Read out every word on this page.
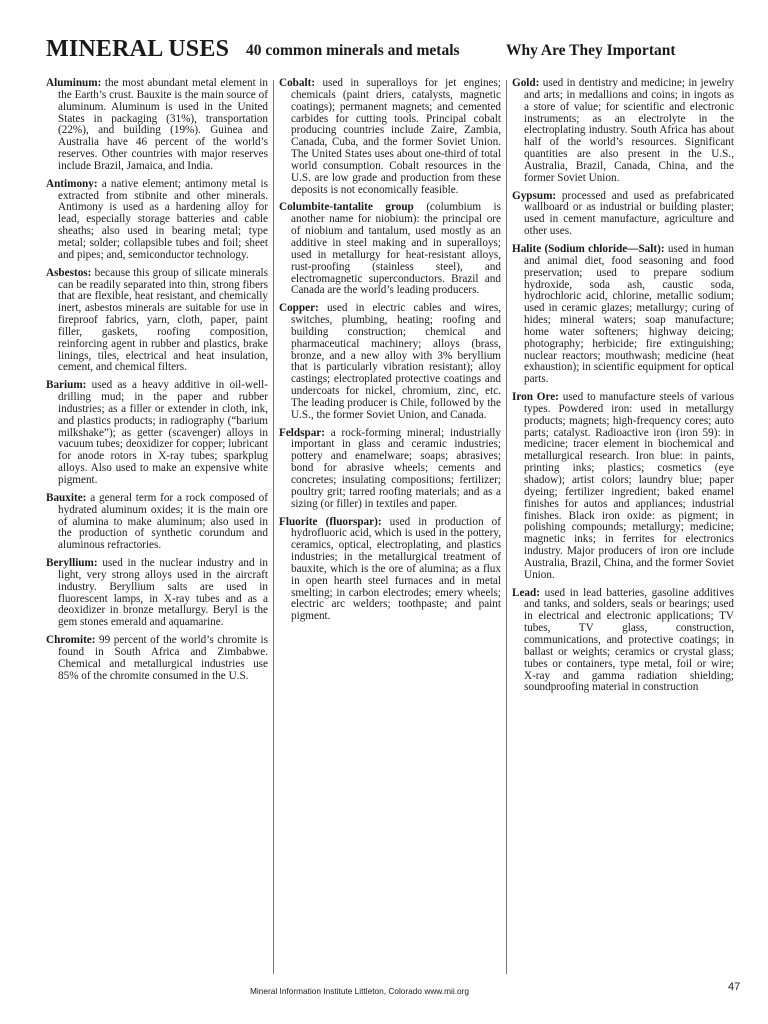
MINERAL USES 40 common minerals and metals	Why Are They Important

Aluminum: the most abundant metal element in the Earth’s crust. Bauxite is the main source of aluminum. Aluminum is used in the United States in packaging (31%), transportation (22%), and building (19%). Guinea and Australia have 46 percent of the world’s reserves. Other countries with major reserves include Brazil, Jamaica, and India.

Antimony: a native element; antimony metal is extracted from stibnite and other minerals. Antimony is used as a hardening alloy for lead, especially storage batteries and cable sheaths; also used in bearing metal; type metal; solder; collapsible tubes and foil; sheet and pipes; and, semiconductor technology.

Asbestos: because this group of silicate minerals can be readily separated into thin, strong fibers that are flexible, heat resistant, and chemically inert, asbestos minerals are suitable for use in fireproof fabrics, yarn, cloth, paper, paint filler, gaskets, roofing composition, reinforcing agent in rubber and plastics, brake linings, tiles, electrical and heat insulation, cement, and chemical filters.

Barium: used as a heavy additive in oil-well-drilling mud; in the paper and rubber industries; as a filler or extender in cloth, ink, and plastics products; in radiography (“barium milkshake”); as getter (scavenger) alloys in vacuum tubes; deoxidizer for copper; lubricant for anode rotors in X-ray tubes; sparkplug alloys. Also used to make an expensive white pigment.

Bauxite: a general term for a rock composed of hydrated aluminum oxides; it is the main ore of alumina to make aluminum; also used in the production of synthetic corundum and aluminous refractories.

Beryllium: used in the nuclear industry and in light, very strong alloys used in the aircraft industry. Beryllium salts are used in fluorescent lamps, in X-ray tubes and as a deoxidizer in bronze metallurgy. Beryl is the gem stones emerald and aquamarine.

Chromite: 99 percent of the world’s chromite is found in South Africa and Zimbabwe. Chemical and metallurgical industries use 85% of the chromite consumed in the U.S.

Cobalt: used in superalloys for jet engines; chemicals (paint driers, catalysts, magnetic coatings); permanent magnets; and cemented carbides for cutting tools. Principal cobalt producing countries include Zaire, Zambia, Canada, Cuba, and the former Soviet Union. The United States uses about one-third of total world consumption. Cobalt resources in the U.S. are low grade and production from these deposits is not economically feasible.

Columbite-tantalite group (columbium is another name for niobium): the principal ore of niobium and tantalum, used mostly as an additive in steel making and in superalloys; used in metallurgy for heat-resistant alloys, rust-proofing (stainless steel), and electromagnetic superconductors. Brazil and Canada are the world’s leading producers.

Copper: used in electric cables and wires, switches, plumbing, heating; roofing and building construction; chemical and pharmaceutical machinery; alloys (brass, bronze, and a new alloy with 3% beryllium that is particularly vibration resistant); alloy castings; electroplated protective coatings and undercoats for nickel, chromium, zinc, etc. The leading producer is Chile, followed by the U.S., the former Soviet Union, and Canada.

Feldspar: a rock-forming mineral; industrially important in glass and ceramic industries; pottery and enamelware; soaps; abrasives; bond for abrasive wheels; cements and concretes; insulating compositions; fertilizer; poultry grit; tarred roofing materials; and as a sizing (or filler) in textiles and paper.

Fluorite (fluorspar): used in production of hydrofluoric acid, which is used in the pottery, ceramics, optical, electroplating, and plastics industries; in the metallurgical treatment of bauxite, which is the ore of alumina; as a flux in open hearth steel furnaces and in metal smelting; in carbon electrodes; emery wheels; electric arc welders; toothpaste; and paint pigment.

Gold: used in dentistry and medicine; in jewelry and arts; in medallions and coins; in ingots as a store of value; for scientific and electronic instruments; as an electrolyte in the electroplating industry. South Africa has about half of the world’s resources. Significant quantities are also present in the U.S., Australia, Brazil, Canada, China, and the former Soviet Union.

Gypsum: processed and used as prefabricated wallboard or as industrial or building plaster; used in cement manufacture, agriculture and other uses.

Halite (Sodium chloride—Salt): used in human and animal diet, food seasoning and food preservation; used to prepare sodium hydroxide, soda ash, caustic soda, hydrochloric acid, chlorine, metallic sodium; used in ceramic glazes; metallurgy; curing of hides; mineral waters; soap manufacture; home water softeners; highway deicing; photography; herbicide; fire extinguishing; nuclear reactors; mouthwash; medicine (heat exhaustion); in scientific equipment for optical parts.

Iron Ore: used to manufacture steels of various types. Powdered iron: used in metallurgy products; magnets; high-frequency cores; auto parts; catalyst. Radioactive iron (iron 59): in medicine; tracer element in biochemical and metallurgical research. Iron blue: in paints, printing inks; plastics; cosmetics (eye shadow); artist colors; laundry blue; paper dyeing; fertilizer ingredient; baked enamel finishes for autos and appliances; industrial finishes. Black iron oxide: as pigment; in polishing compounds; metallurgy; medicine; magnetic inks; in ferrites for electronics industry. Major producers of iron ore include Australia, Brazil, China, and the former Soviet Union.

Lead: used in lead batteries, gasoline additives and tanks, and solders, seals or bearings; used in electrical and electronic applications; TV tubes, TV glass, construction, communications, and protective coatings; in ballast or weights; ceramics or crystal glass; tubes or containers, type metal, foil or wire; X-ray and gamma radiation shielding; soundproofing material in construction

Mineral Information Institute Littleton, Colorado www.mii.org	47
